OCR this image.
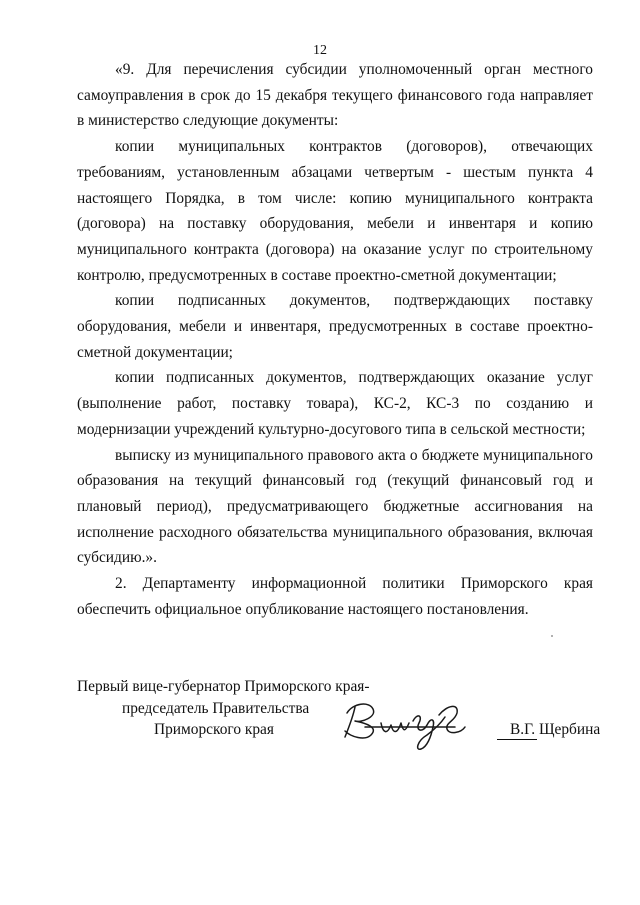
12

«9. Для перечисления субсидии уполномоченный орган местного самоуправления в срок до 15 декабря текущего финансового года направляет в министерство следующие документы:

копии муниципальных контрактов (договоров), отвечающих требованиям, установленным абзацами четвертым - шестым пункта 4 настоящего Порядка, в том числе: копию муниципального контракта (договора) на поставку оборудования, мебели и инвентаря и копию муниципального контракта (договора) на оказание услуг по строительному контролю, предусмотренных в составе проектно-сметной документации;

копии подписанных документов, подтверждающих поставку оборудования, мебели и инвентаря, предусмотренных в составе проектно-сметной документации;

копии подписанных документов, подтверждающих оказание услуг (выполнение работ, поставку товара), КС-2, КС-3 по созданию и модернизации учреждений культурно-досугового типа в сельской местности;

выписку из муниципального правового акта о бюджете муниципального образования на текущий финансовый год (текущий финансовый год и плановый период), предусматривающего бюджетные ассигнования на исполнение расходного обязательства муниципального образования, включая субсидию.».

2. Департаменту информационной политики Приморского края обеспечить официальное опубликование настоящего постановления.

Первый вице-губернатор Приморского края-
председатель Правительства
Приморского края	В.Г. Щербина
